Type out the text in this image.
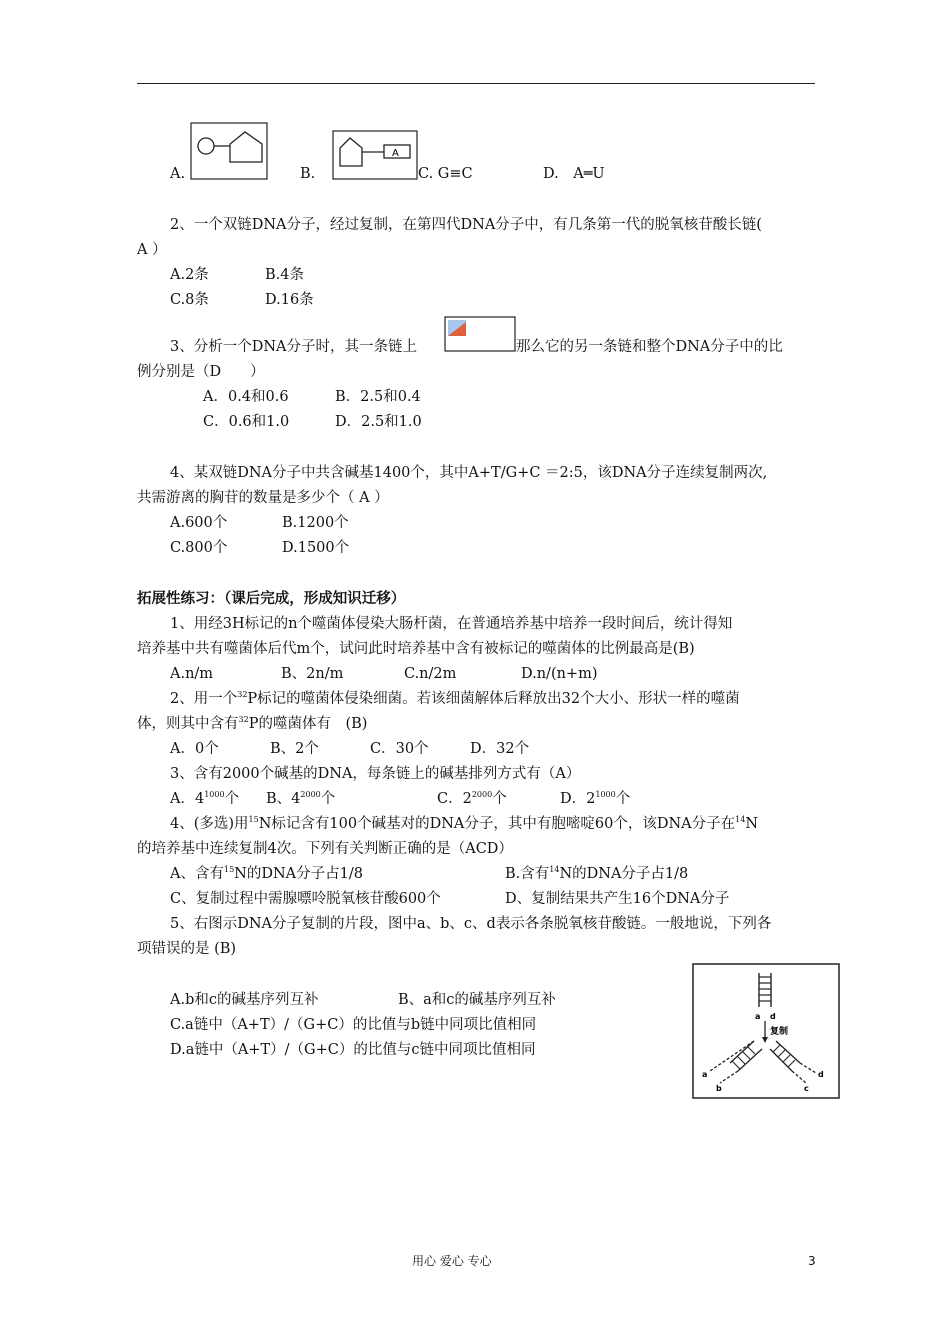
A.	B.
A
C. G≡C	D.　A═U
2、一个双链DNA分子，经过复制，在第四代DNA分子中，有几条第一代的脱氧核苷酸长链(
A ）
A.2条	B.4条
C.8条	D.16条
3、分析一个DNA分子时，其一条链上	那么它的另一条链和整个DNA分子中的比
例分别是（D　　）
A．0.4和0.6	B．2.5和0.4
C．0.6和1.0	D．2.5和1.0
4、某双链DNA分子中共含碱基1400个，其中A+T/G+C ＝2:5，该DNA分子连续复制两次,
共需游离的胸苷的数量是多少个（ A ）
A.600个	B.1200个
C.800个	D.1500个
拓展性练习：（课后完成，形成知识迁移）
1、用经3H标记的n个噬菌体侵染大肠杆菌，在普通培养基中培养一段时间后，统计得知
培养基中共有噬菌体后代m个，试问此时培养基中含有被标记的噬菌体的比例最高是(B)
A.n/m	B、2n/m	C.n/2m	D.n/(n+m)
2、用一个$^{32}$P标记的噬菌体侵染细菌。若该细菌解体后释放出32个大小、形状一样的噬菌
体，则其中含有$^{32}$P的噬菌体有　(B)
A．0个	B、2个	C．30个	D．32个
3、含有2000个碱基的DNA，每条链上的碱基排列方式有（A）
A．$4^{1000}$个 B、$4^{2000}$个	C．$2^{2000}$个	D．$2^{1000}$个
4、(多选)用$^{15}$N标记含有100个碱基对的DNA分子，其中有胞嘧啶60个，该DNA分子在$^{14}$N
的培养基中连续复制4次。下列有关判断正确的是（ACD）
A、含有$^{15}$N的DNA分子占1/8	B.含有$^{14}$N的DNA分子占1/8
C、复制过程中需腺嘌呤脱氧核苷酸600个	D、复制结果共产生16个DNA分子
5、右图示DNA分子复制的片段，图中a、b、c、d表示各条脱氧核苷酸链。一般地说，下列各
项错误的是 (B)
A.b和c的碱基序列互补	B、a和c的碱基序列互补
C.a链中（A+T）/（G+C）的比值与b链中同项比值相同
D.a链中（A+T）/（G+C）的比值与c链中同项比值相同
a d
复制
a
b	c
d
用心 爱心 专心	3
